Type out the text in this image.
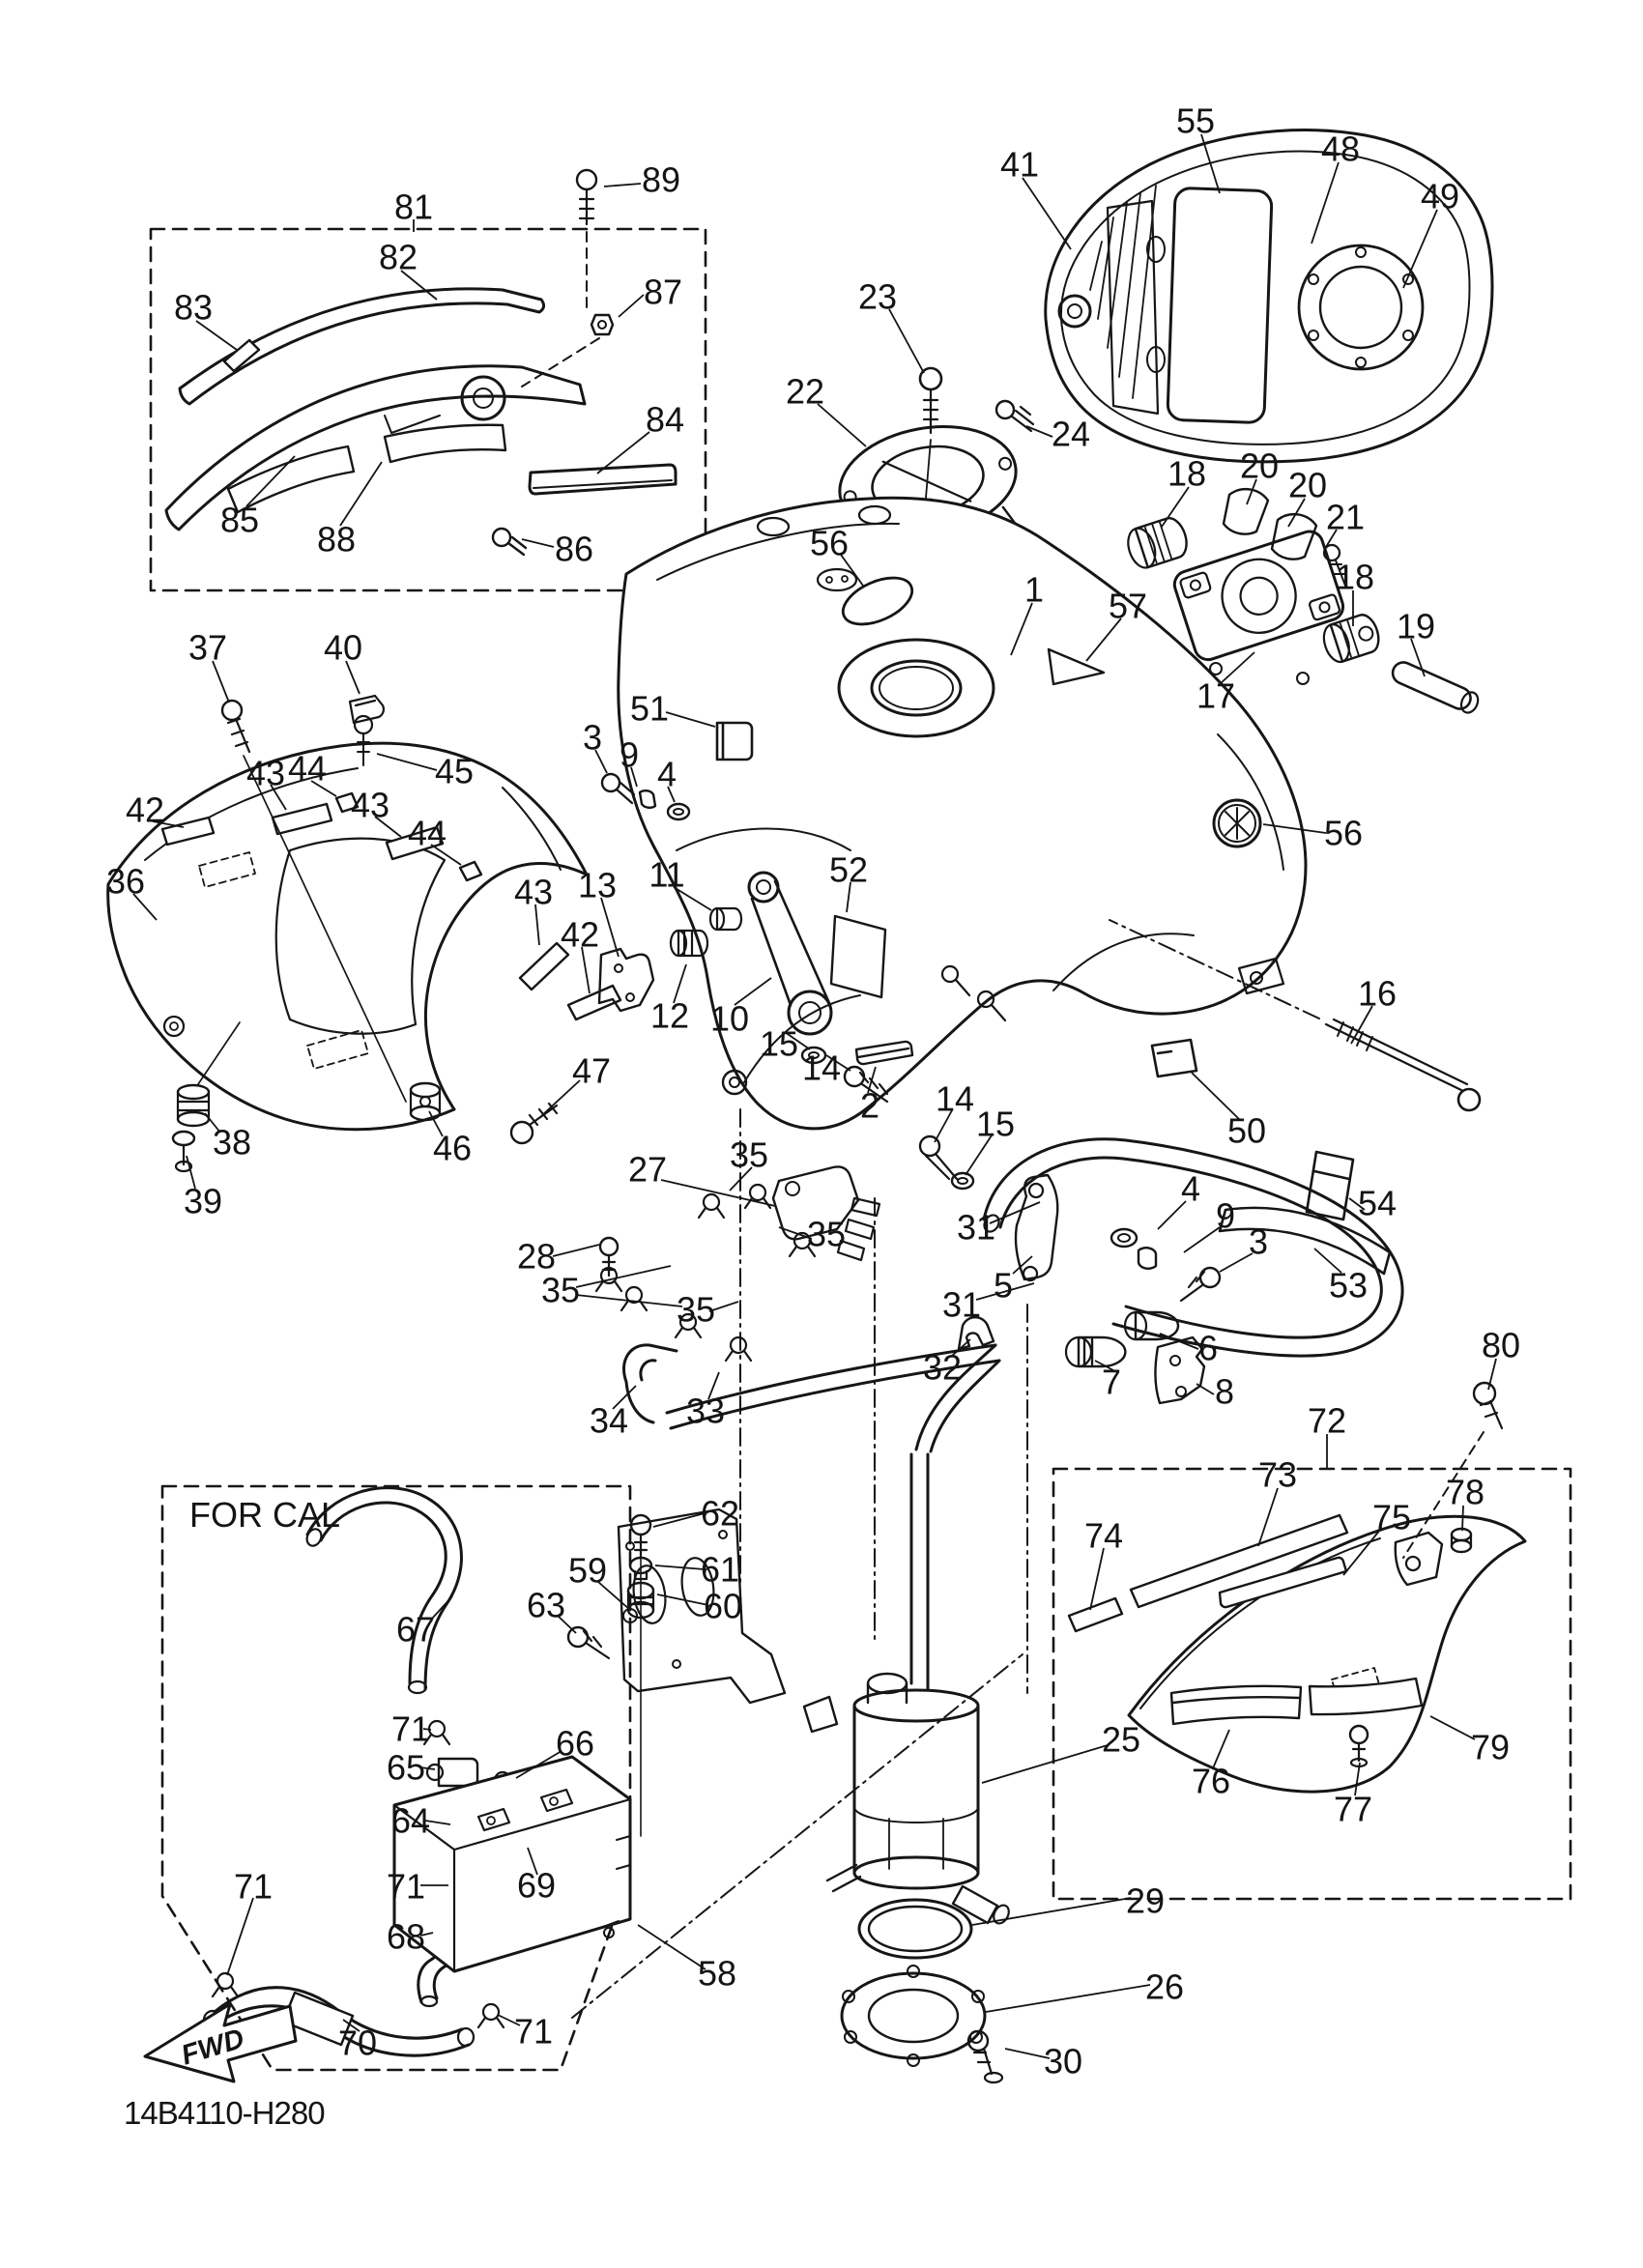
81
82
83
89
87
84
85 88	86
41
55
48
49
24
22
23
56
1 57
18 20 20
21
18
19
17
56
16
50
54
53
37	40
42
43 44	45
43
44
36	43
42
13
3 9 4
51
11
12 10
15
14
52
38
39
46
47
2 14
15
31
31
32
5
27 35
35
28
35	35
34 33
4
9
3
6
7	8
25
29
26
30
62
61
60
59
63
67
71
65
66
64
71	69
68
71
70	71
58
72
73	78
74	75
76
77
79
80
FOR CAL
FWD
14B4110-H280
